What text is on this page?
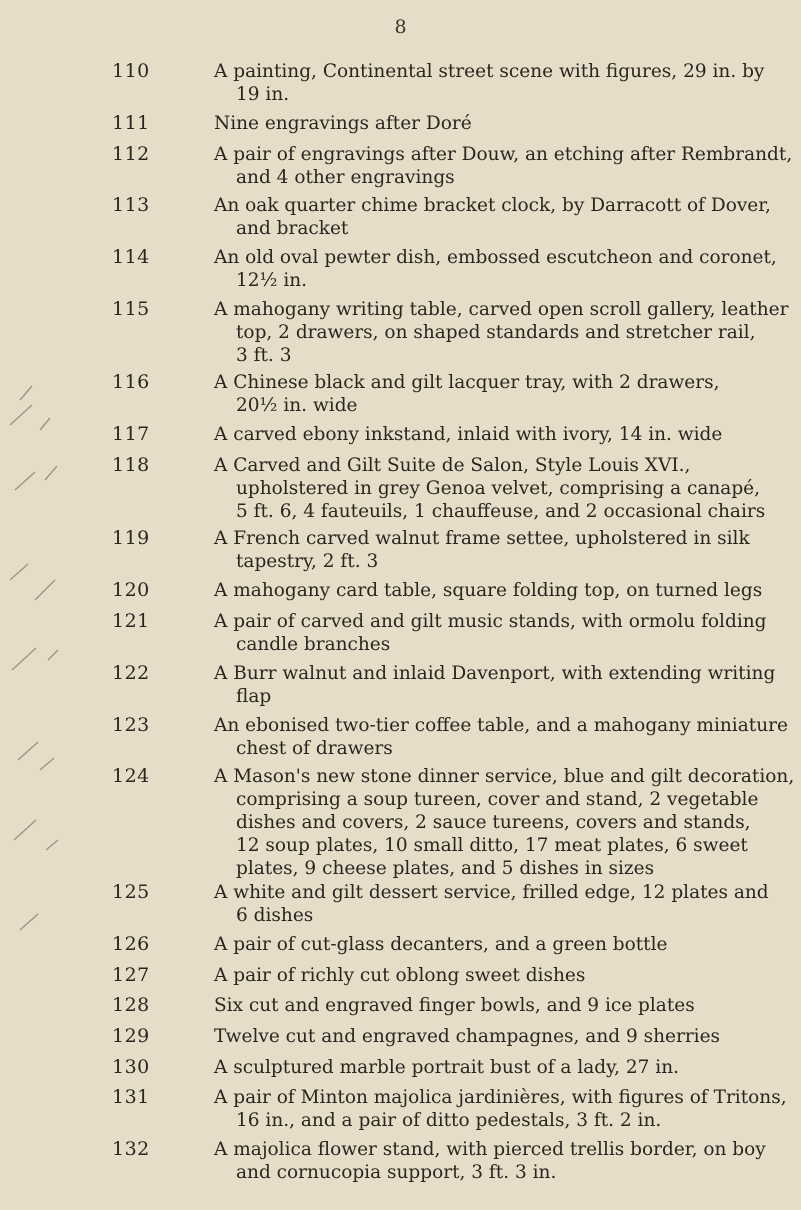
8
110	A painting, Continental street scene with figures, 29 in. by
19 in.
111	Nine engravings after Doré
112	A pair of engravings after Douw, an etching after Rembrandt,
and 4 other engravings
113	An oak quarter chime bracket clock, by Darracott of Dover,
and bracket
114	An old oval pewter dish, embossed escutcheon and coronet,
12½ in.
115	A mahogany writing table, carved open scroll gallery, leather
top, 2 drawers, on shaped standards and stretcher rail,
3 ft. 3
116	A Chinese black and gilt lacquer tray, with 2 drawers,
20½ in. wide
117	A carved ebony inkstand, inlaid with ivory, 14 in. wide
118	A Carved and Gilt Suite de Salon, Style Louis XVI.,
upholstered in grey Genoa velvet, comprising a canapé,
5 ft. 6, 4 fauteuils, 1 chauffeuse, and 2 occasional chairs
119	A French carved walnut frame settee, upholstered in silk
tapestry, 2 ft. 3
120	A mahogany card table, square folding top, on turned legs
121	A pair of carved and gilt music stands, with ormolu folding
candle branches
122	A Burr walnut and inlaid Davenport, with extending writing
flap
123	An ebonised two-tier coffee table, and a mahogany miniature
chest of drawers
124	A Mason's new stone dinner service, blue and gilt decoration,
comprising a soup tureen, cover and stand, 2 vegetable
dishes and covers, 2 sauce tureens, covers and stands,
12 soup plates, 10 small ditto, 17 meat plates, 6 sweet
plates, 9 cheese plates, and 5 dishes in sizes
125	A white and gilt dessert service, frilled edge, 12 plates and
6 dishes
126	A pair of cut-glass decanters, and a green bottle
127	A pair of richly cut oblong sweet dishes
128	Six cut and engraved finger bowls, and 9 ice plates
129	Twelve cut and engraved champagnes, and 9 sherries
130	A sculptured marble portrait bust of a lady, 27 in.
131	A pair of Minton majolica jardinières, with figures of Tritons,
16 in., and a pair of ditto pedestals, 3 ft. 2 in.
132	A majolica flower stand, with pierced trellis border, on boy
and cornucopia support, 3 ft. 3 in.
